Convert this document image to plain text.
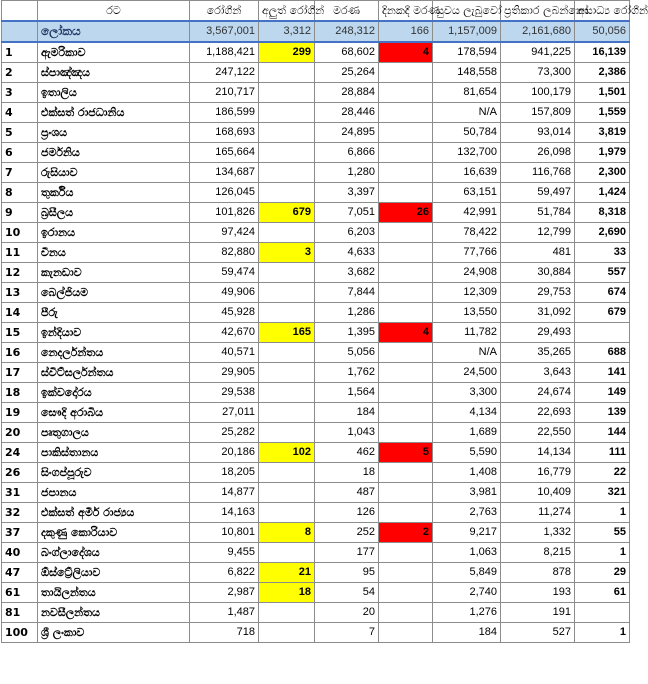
	රට	රෝගීන්	අලුත් රෝගීන්	මරණ	දිනකදී මරණ	සුවය ලැබුවෝ	ප්‍රතිකාර ලබන්නෝ	අසාධ්‍ය රෝගීන්
	ලෝකය	3,567,001	3,312	248,312	166	1,157,009	2,161,680	50,056
1	ඇමරිකාව	1,188,421	299	68,602	4	178,594	941,225	16,139
2	ස්පාඤ්ඤය	247,122		25,264		148,558	73,300	2,386
3	ඉතාලිය	210,717		28,884		81,654	100,179	1,501
4	එක්සත් රාජධානිය	186,599		28,446		N/A	157,809	1,559
5	ප්‍රංශය	168,693		24,895		50,784	93,014	3,819
6	ජර්මනිය	165,664		6,866		132,700	26,098	1,979
7	රුසියාව	134,687		1,280		16,639	116,768	2,300
8	තුර්කිය	126,045		3,397		63,151	59,497	1,424
9	බ්‍රසීලය	101,826	679	7,051	26	42,991	51,784	8,318
10	ඉරානය	97,424		6,203		78,422	12,799	2,690
11	චීනය	82,880	3	4,633		77,766	481	33
12	කැනඩාව	59,474		3,682		24,908	30,884	557
13	බෙල්ජියම	49,906		7,844		12,309	29,753	674
14	පීරු	45,928		1,286		13,550	31,092	679
15	ඉන්දියාව	42,670	165	1,395	4	11,782	29,493	
16	නෙදර්ලන්තය	40,571		5,056		N/A	35,265	688
17	ස්විට්සර්ලන්තය	29,905		1,762		24,500	3,643	141
18	ඉක්වදෝරය	29,538		1,564		3,300	24,674	149
19	සෞදි අරාබිය	27,011		184		4,134	22,693	139
20	පෘතුගාලය	25,282		1,043		1,689	22,550	144
24	පාකිස්තානය	20,186	102	462	5	5,590	14,134	111
26	සිංගප්පූරුව	18,205		18		1,408	16,779	22
31	ජපානය	14,877		487		3,981	10,409	321
32	එක්සත් අමීර් රාජ්‍යය	14,163		126		2,763	11,274	1
37	දකුණු කොරියාව	10,801	8	252	2	9,217	1,332	55
40	බංග්ලාදේශය	9,455		177		1,063	8,215	1
47	ඕස්ට්‍රේලියාව	6,822	21	95		5,849	878	29
61	තායිලන්තය	2,987	18	54		2,740	193	61
81	නවසීලන්තය	1,487		20		1,276	191	
100	ශ්‍රී ලංකාව	718		7		184	527	1
